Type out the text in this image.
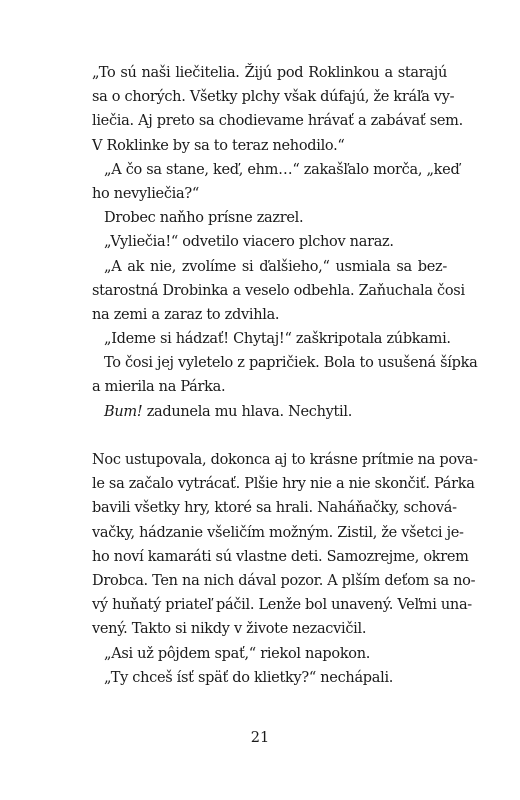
„To sú naši liečitelia. Žijú pod Roklinkou a starajú
sa o chorých. Všetky plchy však dúfajú, že kráľa vy-
liečia. Aj preto sa chodievame hrávať a zabávať sem.
V Roklinke by sa to teraz nehodilo.“
„A čo sa stane, keď, ehm…“ zakašľalo morča, „keď
ho nevyliečia?“
Drobec naňho prísne zazrel.
„Vyliečia!“ odvetilo viacero plchov naraz.
„A ak nie, zvolíme si ďalšieho,“ usmiala sa bez-
starostná Drobinka a veselo odbehla. Zaňuchala čosi
na zemi a zaraz to zdvihla.
„Ideme si hádzať! Chytaj!“ zaškripotala zúbkami.
To čosi jej vyletelo z papričiek. Bola to usušená šípka
a mierila na Párka.
Bum! zadunela mu hlava. Nechytil.
Noc ustupovala, dokonca aj to krásne prítmie na pova-
le sa začalo vytrácať. Plšie hry nie a nie skončiť. Párka
bavili všetky hry, ktoré sa hrali. Naháňačky, schová-
vačky, hádzanie všeličím možným. Zistil, že všetci je-
ho noví kamaráti sú vlastne deti. Samozrejme, okrem
Drobca. Ten na nich dával pozor. A plším deťom sa no-
vý huňatý priateľ páčil. Lenže bol unavený. Veľmi una-
vený. Takto si nikdy v živote nezacvičil.
„Asi už pôjdem spať,“ riekol napokon.
„Ty chceš ísť späť do klietky?“ nechápali.
21
